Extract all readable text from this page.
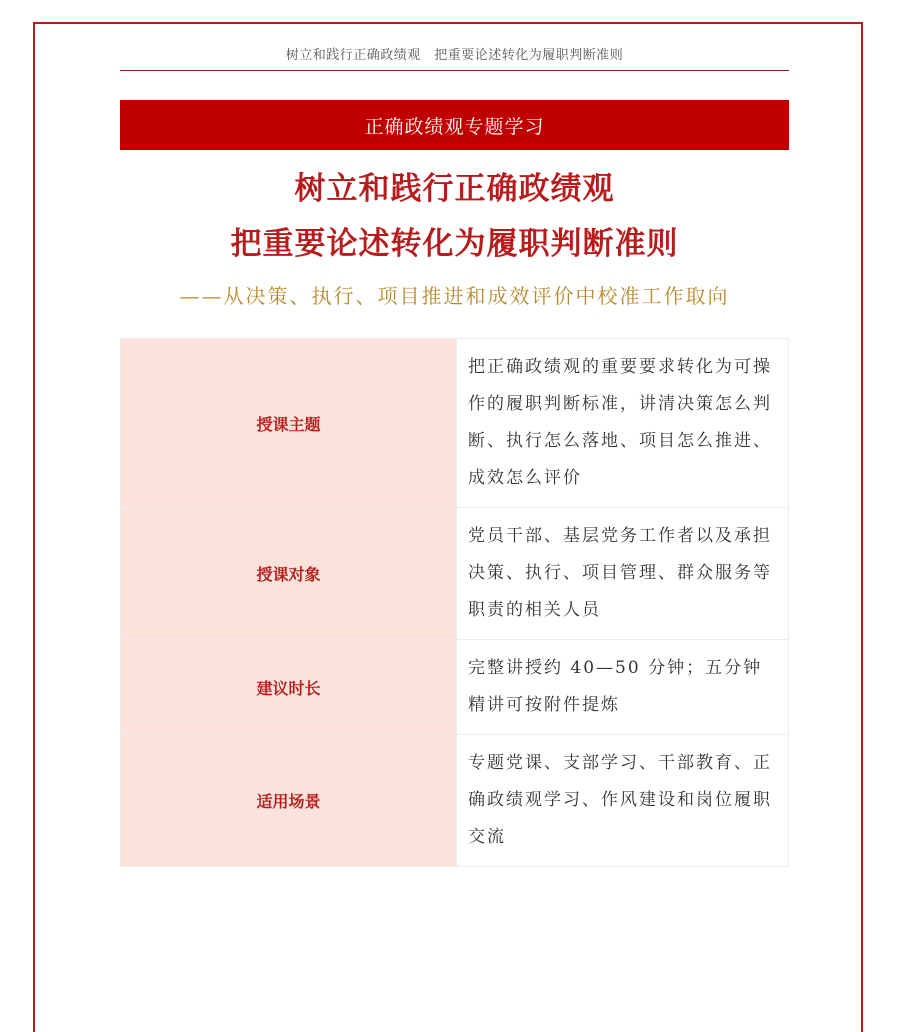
树立和践行正确政绩观　把重要论述转化为履职判断准则
正确政绩观专题学习
树立和践行正确政绩观
把重要论述转化为履职判断准则
——从决策、执行、项目推进和成效评价中校准工作取向
授课主题	把正确政绩观的重要要求转化为可操作的履职判断标准，讲清决策怎么判断、执行怎么落地、项目怎么推进、成效怎么评价
授课对象	党员干部、基层党务工作者以及承担决策、执行、项目管理、群众服务等职责的相关人员
建议时长	完整讲授约 40—50 分钟；五分钟精讲可按附件提炼
适用场景	专题党课、支部学习、干部教育、正确政绩观学习、作风建设和岗位履职交流
